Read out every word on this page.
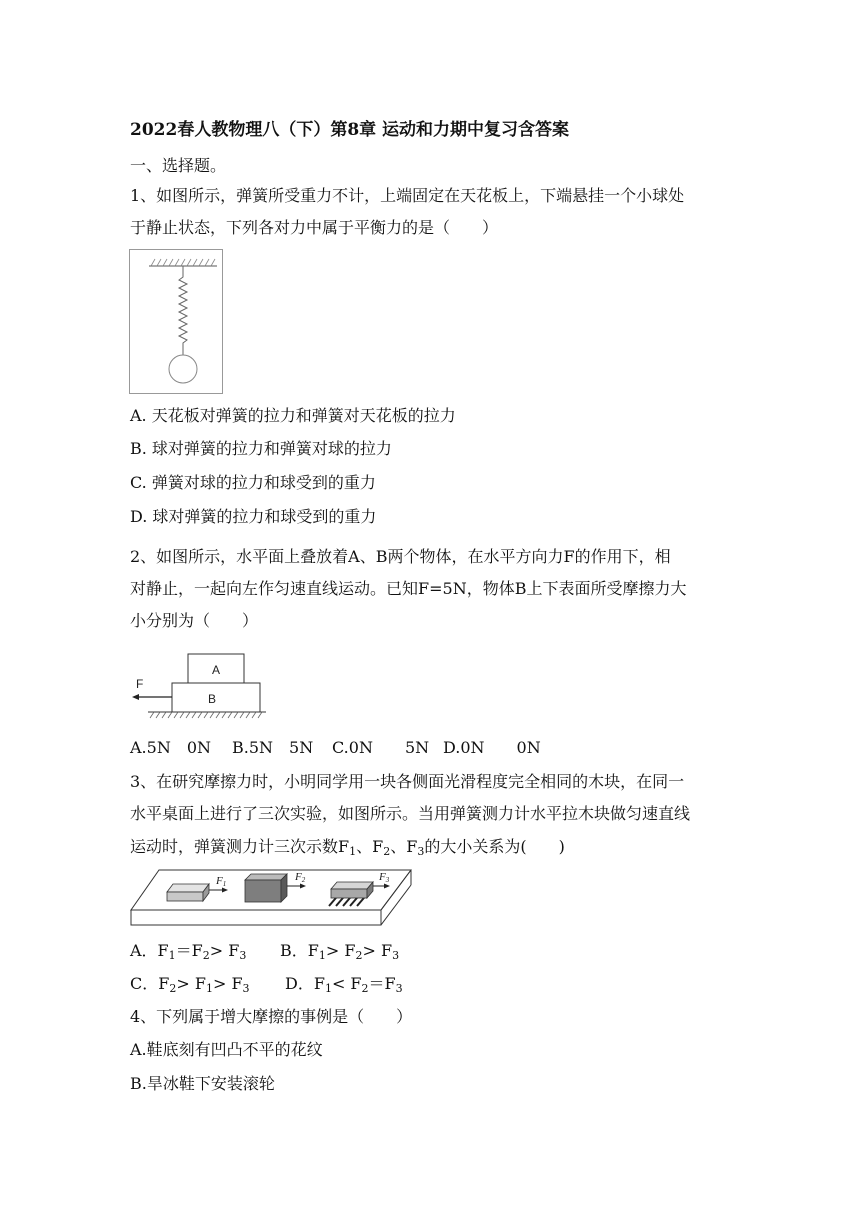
2022春人教物理八（下）第8章 运动和力期中复习含答案
一、选择题。
1、如图所示，弹簧所受重力不计，上端固定在天花板上，下端悬挂一个小球处
于静止状态，下列各对力中属于平衡力的是（　　）
A. 天花板对弹簧的拉力和弹簧对天花板的拉力
B. 球对弹簧的拉力和弹簧对球的拉力
C. 弹簧对球的拉力和球受到的重力
D. 球对弹簧的拉力和球受到的重力
2、如图所示，水平面上叠放着A、B两个物体，在水平方向力F的作用下，相
对静止，一起向左作匀速直线运动。已知F=5N，物体B上下表面所受摩擦力大
小分别为（　　）
A
B
F
A.5N　0N B.5N　5N C.0N　　5N D.0N　　0N
3、在研究摩擦力时，小明同学用一块各侧面光滑程度完全相同的木块，在同一
水平桌面上进行了三次实验，如图所示。当用弹簧测力计水平拉木块做匀速直线
运动时，弹簧测力计三次示数$F_1$、$F_2$、$F_3$的大小关系为(　　)
F1
F2	F3
A．$F_1=F_2> F_3$ B．$F_1> F_2> F_3$
C．$F_2> F_1> F_3$ D．$F_1< F_2=F_3$
4、下列属于增大摩擦的事例是（　　）
A.鞋底刻有凹凸不平的花纹
B.旱冰鞋下安装滚轮
